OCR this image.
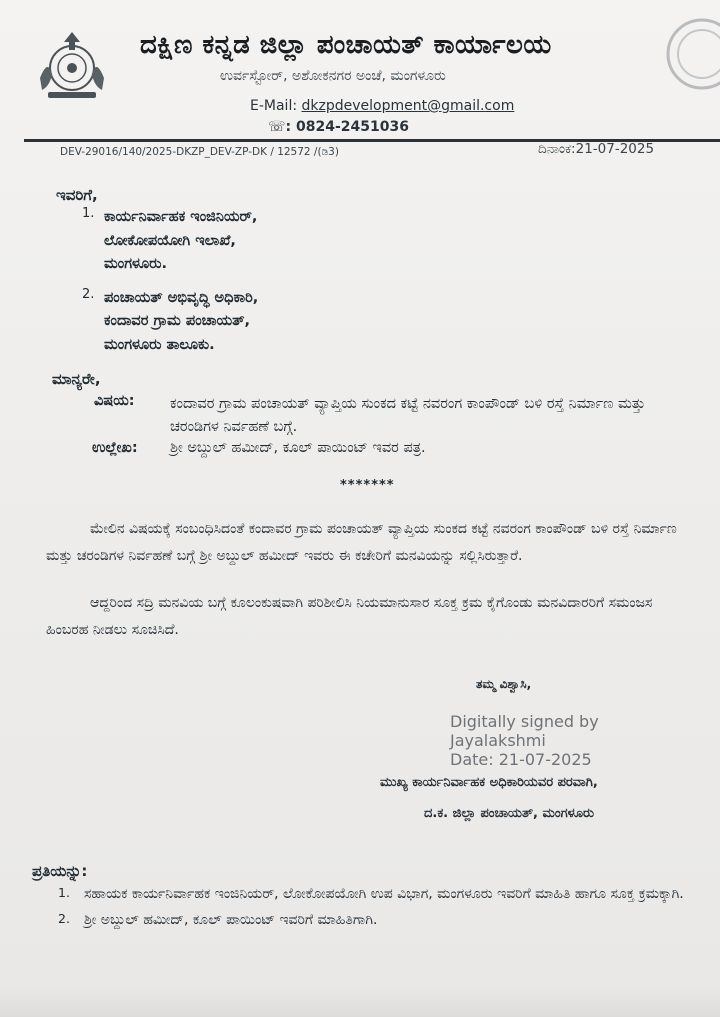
ದಕ್ಷಿಣ ಕನ್ನಡ ಜಿಲ್ಲಾ ಪಂಚಾಯತ್ ಕಾರ್ಯಾಲಯ
ಉರ್ವಸ್ಟೋರ್, ಅಶೋಕನಗರ ಅಂಚೆ, ಮಂಗಳೂರು
E-Mail: dkzpdevelopment@gmail.com
☏: 0824-2451036
DEV-29016/140/2025-DKZP_DEV-ZP-DK / 12572 /(ಡಿ3)	ದಿನಾಂಕ:21-07-2025
ಇವರಿಗೆ,
1. ಕಾರ್ಯನಿರ್ವಾಹಕ ಇಂಜಿನಿಯರ್,
ಲೋಕೋಪಯೋಗಿ ಇಲಾಖೆ,
ಮಂಗಳೂರು.
2. ಪಂಚಾಯತ್ ಅಭಿವೃದ್ಧಿ ಅಧಿಕಾರಿ,
ಕಂದಾವರ ಗ್ರಾಮ ಪಂಚಾಯತ್,
ಮಂಗಳೂರು ತಾಲೂಕು.
ಮಾನ್ಯರೇ,
ವಿಷಯ: ಕಂದಾವರ ಗ್ರಾಮ ಪಂಚಾಯತ್ ವ್ಯಾಪ್ತಿಯ ಸುಂಕದ ಕಟ್ಟೆ ನವರಂಗ ಕಾಂಪೌಂಡ್ ಬಳಿ ರಸ್ತೆ ನಿರ್ಮಾಣ ಮತ್ತು ಚರಂಡಿಗಳ ನಿರ್ವಹಣೆ ಬಗ್ಗೆ.
ಉಲ್ಲೇಖ: ಶ್ರೀ ಅಬ್ದುಲ್ ಹಮೀದ್, ಕೂಲ್ ಪಾಯಿಂಟ್ ಇವರ ಪತ್ರ.
*******
ಮೇಲಿನ ವಿಷಯಕ್ಕೆ ಸಂಬಂಧಿಸಿದಂತೆ ಕಂದಾವರ ಗ್ರಾಮ ಪಂಚಾಯತ್ ವ್ಯಾಪ್ತಿಯ ಸುಂಕದ ಕಟ್ಟೆ ನವರಂಗ ಕಾಂಪೌಂಡ್ ಬಳಿ ರಸ್ತೆ ನಿರ್ಮಾಣ ಮತ್ತು ಚರಂಡಿಗಳ ನಿರ್ವಹಣೆ ಬಗ್ಗೆ ಶ್ರೀ ಅಬ್ದುಲ್ ಹಮೀದ್ ಇವರು ಈ ಕಚೇರಿಗೆ ಮನವಿಯನ್ನು ಸಲ್ಲಿಸಿರುತ್ತಾರೆ.
ಆದ್ದರಿಂದ ಸದ್ರಿ ಮನವಿಯ ಬಗ್ಗೆ ಕೂಲಂಕುಷವಾಗಿ ಪರಿಶೀಲಿಸಿ ನಿಯಮಾನುಸಾರ ಸೂಕ್ತ ಕ್ರಮ ಕೈಗೊಂಡು ಮನವಿದಾರರಿಗೆ ಸಮಂಜಸ ಹಿಂಬರಹ ನೀಡಲು ಸೂಚಿಸಿದೆ.
ತಮ್ಮ ವಿಶ್ವಾಸಿ,
Digitally signed by
Jayalakshmi
Date: 21-07-2025
ಮುಖ್ಯ ಕಾರ್ಯನಿರ್ವಾಹಕ ಅಧಿಕಾರಿಯವರ ಪರವಾಗಿ,
ದ.ಕ. ಜಿಲ್ಲಾ ಪಂಚಾಯತ್, ಮಂಗಳೂರು
ಪ್ರತಿಯನ್ನು:
1. ಸಹಾಯಕ ಕಾರ್ಯನಿರ್ವಾಹಕ ಇಂಜಿನಿಯರ್, ಲೋಕೋಪಯೋಗಿ ಉಪ ವಿಭಾಗ, ಮಂಗಳೂರು ಇವರಿಗೆ ಮಾಹಿತಿ ಹಾಗೂ ಸೂಕ್ತ ಕ್ರಮಕ್ಕಾಗಿ.
2. ಶ್ರೀ ಅಬ್ದುಲ್ ಹಮೀದ್, ಕೂಲ್ ಪಾಯಿಂಟ್ ಇವರಿಗೆ ಮಾಹಿತಿಗಾಗಿ.
